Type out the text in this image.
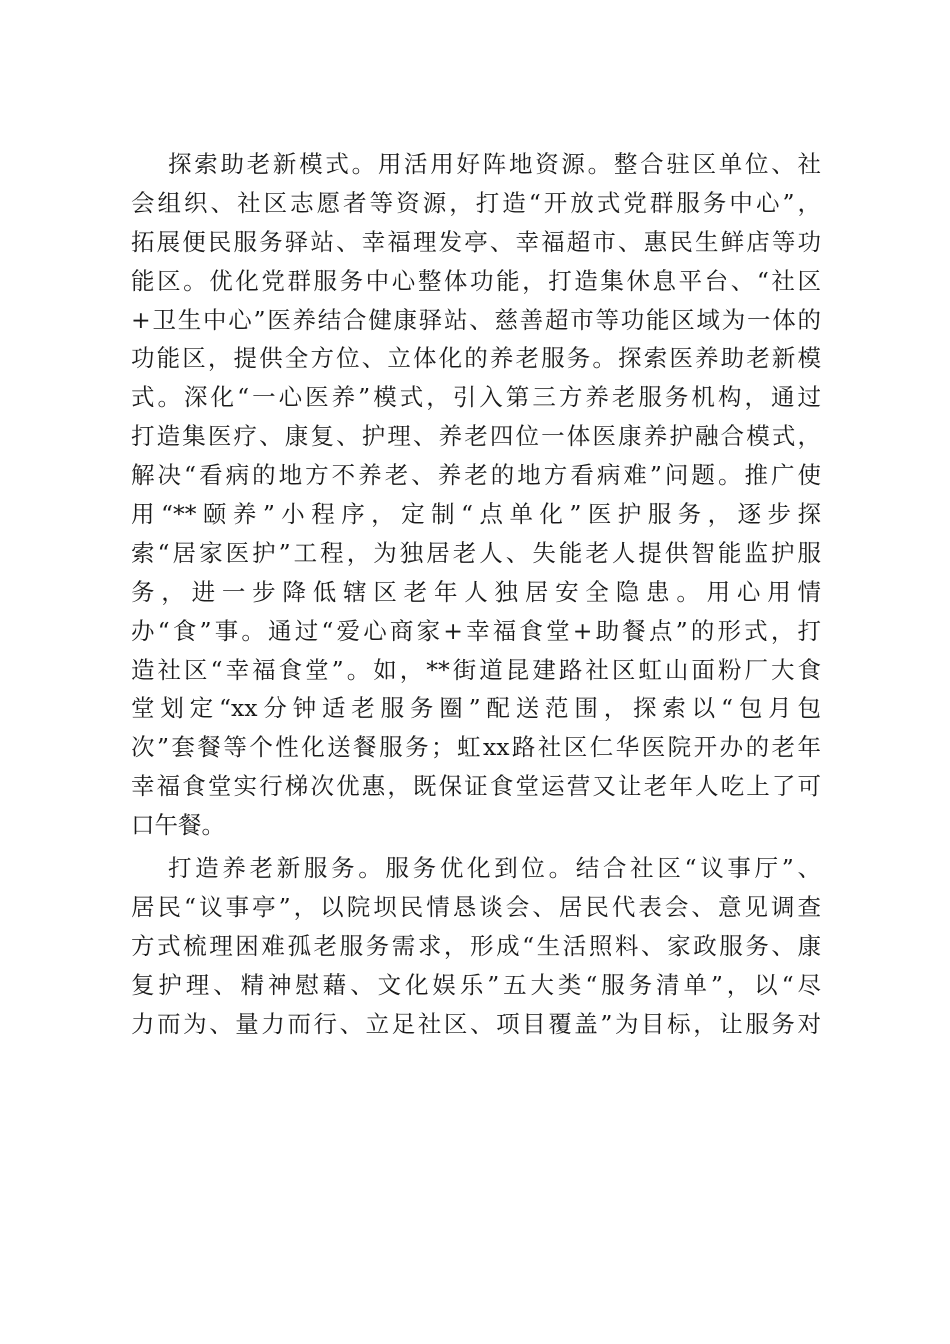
探索助老新模式。用活用好阵地资源。整合驻区单位、社
会组织、社区志愿者等资源，打造“开放式党群服务中心”，
拓展便民服务驿站、幸福理发亭、幸福超市、惠民生鲜店等功
能区。优化党群服务中心整体功能，打造集休息平台、“社区
+卫生中心”医养结合健康驿站、慈善超市等功能区域为一体的
功能区，提供全方位、立体化的养老服务。探索医养助老新模
式。深化“一心医养”模式，引入第三方养老服务机构，通过
打造集医疗、康复、护理、养老四位一体医康养护融合模式，
解决“看病的地方不养老、养老的地方看病难”问题。推广使
用“**颐养”小程序，定制“点单化”医护服务，逐步探
索“居家医护”工程，为独居老人、失能老人提供智能监护服
务，进一步降低辖区老年人独居安全隐患。用心用情
办“食”事。通过“爱心商家+幸福食堂+助餐点”的形式，打
造社区“幸福食堂”。如，**街道昆建路社区虹山面粉厂大食
堂划定“xx分钟适老服务圈”配送范围，探索以“包月包
次”套餐等个性化送餐服务；虹xx路社区仁华医院开办的老年
幸福食堂实行梯次优惠，既保证食堂运营又让老年人吃上了可
口午餐。
打造养老新服务。服务优化到位。结合社区“议事厅”、
居民“议事亭”，以院坝民情恳谈会、居民代表会、意见调查
方式梳理困难孤老服务需求，形成“生活照料、家政服务、康
复护理、精神慰藉、文化娱乐”五大类“服务清单”，以“尽
力而为、量力而行、立足社区、项目覆盖”为目标，让服务对
